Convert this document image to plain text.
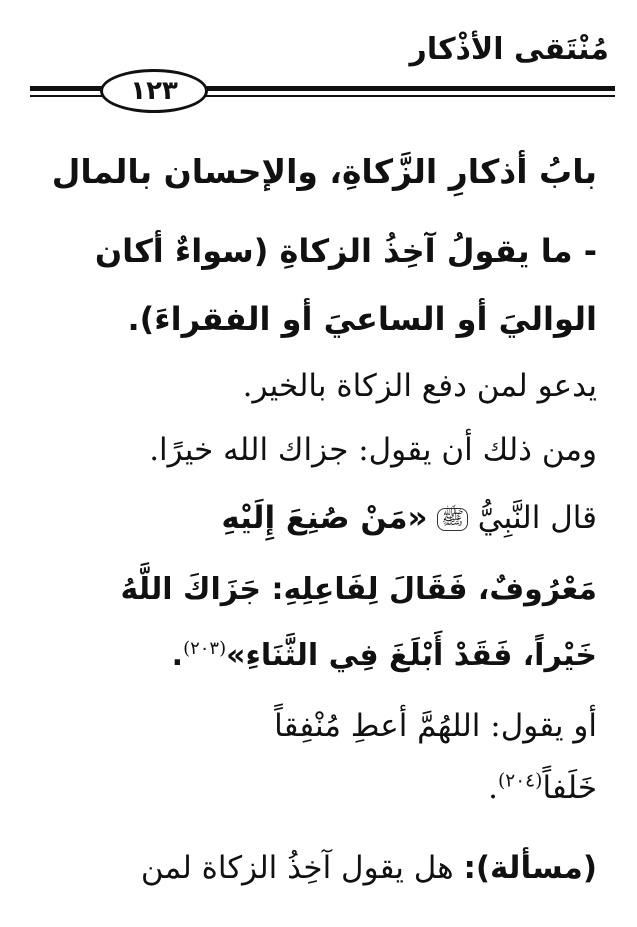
مُنْتَقى الأذْكار
١٢٣
بابُ أذكارِ الزَّكاةِ، والإحسان بالمال
- ما يقولُ آخِذُ الزكاةِ (سواءٌ أكان
الواليَ أو الساعيَ أو الفقراءَ).
يدعو لمن دفع الزكاة بالخير.
ومن ذلك أن يقول: جزاك الله خيرًا.
قال النَّبِيُّ ﷺ «مَنْ صُنِعَ إِلَيْهِ
مَعْرُوفٌ، فَقَالَ لِفَاعِلِهِ: جَزَاكَ اللَّهُ
خَيْراً، فَقَدْ أَبْلَغَ فِي الثَّنَاءِ»$^{(٢٠٣)}$.
أو يقول: اللهُمَّ أعطِ مُنْفِقاً
خَلَفاً$^{(٢٠٤)}$.
(مسألة): هل يقول آخِذُ الزكاة لمن
